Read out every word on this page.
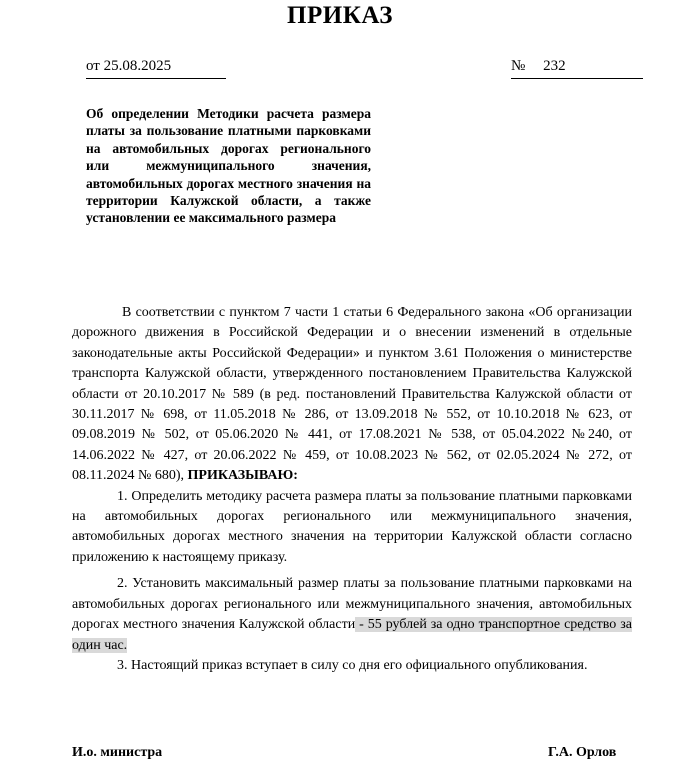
ПРИКАЗ
от 25.08.2025	№ 232
Об определении Методики расчета размера платы за пользование платными парковками на автомобильных дорогах регионального или межмуниципального значения, автомобильных дорогах местного значения на территории Калужской области, а также установлении ее максимального размера

В соответствии с пунктом 7 части 1 статьи 6 Федерального закона «Об организации дорожного движения в Российской Федерации и о внесении изменений в отдельные законодательные акты Российской Федерации» и пунктом 3.61 Положения о министерстве транспорта Калужской области, утвержденного постановлением Правительства Калужской области от 20.10.2017 № 589 (в ред. постановлений Правительства Калужской области от 30.11.2017 № 698, от 11.05.2018 № 286, от 13.09.2018 № 552, от 10.10.2018 № 623, от 09.08.2019 № 502, от 05.06.2020 № 441, от 17.08.2021 № 538, от 05.04.2022 №240, от 14.06.2022 № 427, от 20.06.2022 № 459, от 10.08.2023 № 562, от 02.05.2024 № 272, от 08.11.2024 № 680), ПРИКАЗЫВАЮ:

1. Определить методику расчета размера платы за пользование платными парковками на автомобильных дорогах регионального или межмуниципального значения, автомобильных дорогах местного значения на территории Калужской области согласно приложению к настоящему приказу.

2. Установить максимальный размер платы за пользование платными парковками на автомобильных дорогах регионального или межмуниципального значения, автомобильных дорогах местного значения Калужской области - 55 рублей за одно транспортное средство за один час.

3. Настоящий приказ вступает в силу со дня его официального опубликования.

И.о. министра	Г.А. Орлов
